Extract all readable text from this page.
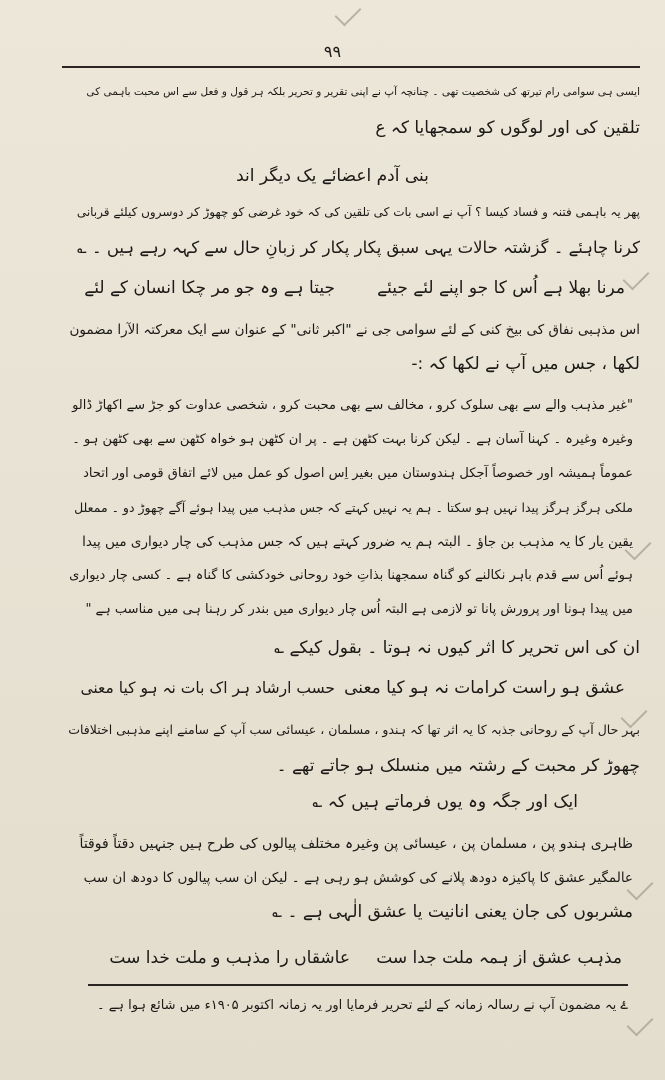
۹۹
ایسی ہی سوامی رام تیرتھ کی شخصیت تھی ۔ چنانچہ آپ نے اپنی تقریر و تحریر بلکہ ہر قول و فعل سے اس محبت باہمی کی
تلقین کی اور لوگوں کو سمجھایا کہ ع
بنی آدم اعضائے یک دیگر اند
پھر یہ باہمی فتنہ و فساد کیسا ؟ آپ نے اسی بات کی تلقین کی کہ خود غرضی کو چھوڑ کر دوسروں کیلئے قربانی
کرنا چاہئے ۔ گزشتہ حالات یہی سبق پکار پکار کر زبانِ حال سے کہہ رہے ہیں ۔ ؎
مرنا بھلا ہے اُس کا جو اپنے لئے جیئے
جیتا ہے وہ جو مر چکا انسان کے لئے
اس مذہبی نفاق کی بیخ کنی کے لئے سوامی جی نے "اکبر ثانی" کے عنوان سے ایک معرکتہ الآرا مضمون
لکھا ، جس میں آپ نے لکھا کہ :-
"غیر مذہب والے سے بھی سلوک کرو ، مخالف سے بھی محبت کرو ، شخصی عداوت کو جڑ سے اکھاڑ ڈالو
وغیرہ وغیرہ ۔ کہنا آسان ہے ۔ لیکن کرنا بہت کٹھن ہے ۔ پر ان کٹھن ہو خواہ کٹھن سے بھی کٹھن ہو ۔
عموماً ہمیشہ اور خصوصاً آجکل ہندوستان میں بغیر اِس اصول کو عمل میں لائے اتفاق قومی اور اتحاد
ملکی ہرگز ہرگز پیدا نہیں ہو سکتا ۔ ہم یہ نہیں کہتے کہ جس مذہب میں پیدا ہوئے آگے چھوڑ دو ۔ ممعلل
یقین یار کا یہ مذہب بن جاؤ ۔ البتہ ہم یہ ضرور کہتے ہیں کہ جس مذہب کی چار دیواری میں پیدا
ہوئے اُس سے قدم باہر نکالنے کو گناہ سمجھنا بذاتِ خود روحانی خودکشی کا گناہ ہے ۔ کسی چار دیواری
میں پیدا ہونا اور پرورش پانا تو لازمی ہے البتہ اُس چار دیواری میں بندر کر رہنا ہی میں مناسب ہے "
ان کی اس تحریر کا اثر کیوں نہ ہوتا ۔ بقول کیکے ؎
عشق ہو راست کرامات نہ ہو کیا معنی
حسب ارشاد ہر اک بات نہ ہو کیا معنی
بہر حال آپ کے روحانی جذبہ کا یہ اثر تھا کہ ہندو ، مسلمان ، عیسائی سب آپ کے سامنے اپنے مذہبی اختلافات
چھوڑ کر محبت کے رشتہ میں منسلک ہو جاتے تھے ۔
ایک اور جگہ وہ یوں فرماتے ہیں کہ ؎
ظاہری ہندو پن ، مسلمان پن ، عیسائی پن وغیرہ مختلف پیالوں کی طرح ہیں جنہیں دقتاً فوقتاً
عالمگیر عشق کا پاکیزہ دودھ پلانے کی کوشش ہو رہی ہے ۔ لیکن ان سب پیالوں کا دودھ ان سب
مشربوں کی جان یعنی انانیت یا عشق الٰہی ہے ۔ ؎
مذہب عشق از ہمہ ملت جدا ست
عاشقاں را مذہب و ملت خدا ست
ۓ یہ مضمون آپ نے رسالہ زمانہ کے لئے تحریر فرمایا اور یہ زمانہ اکتوبر ۱۹۰۵ء میں شائع ہوا ہے ۔
